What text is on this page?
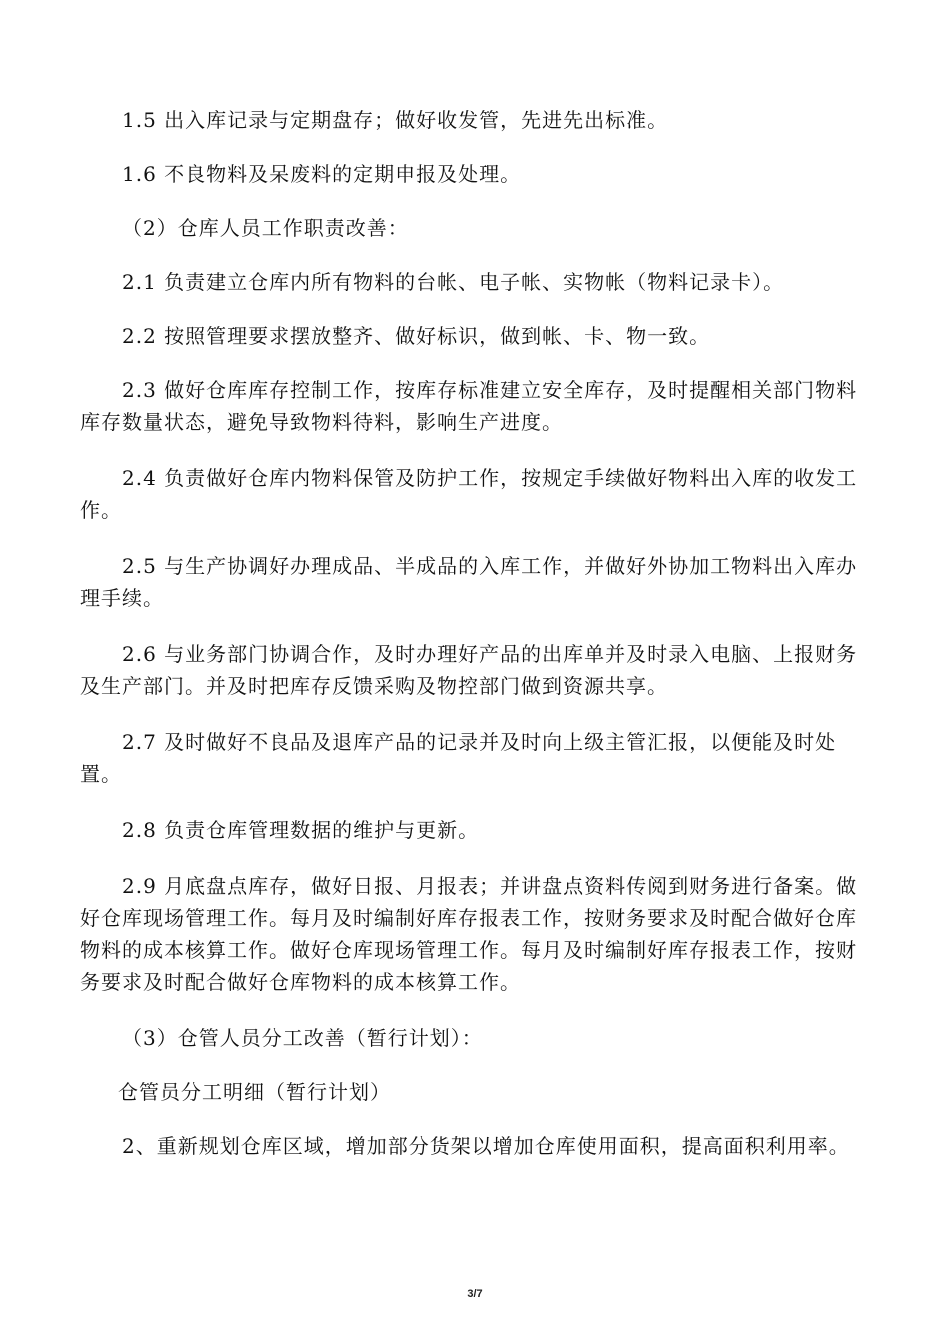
1.5 出入库记录与定期盘存；做好收发管，先进先出标准。

1.6 不良物料及呆废料的定期申报及处理。

（2）仓库人员工作职责改善：

2.1 负责建立仓库内所有物料的台帐、电子帐、实物帐（物料记录卡）。

2.2 按照管理要求摆放整齐、做好标识，做到帐、卡、物一致。

2.3 做好仓库库存控制工作，按库存标准建立安全库存，及时提醒相关部门物料库存数量状态，避免导致物料待料，影响生产进度。

2.4 负责做好仓库内物料保管及防护工作，按规定手续做好物料出入库的收发工作。

2.5 与生产协调好办理成品、半成品的入库工作，并做好外协加工物料出入库办理手续。

2.6 与业务部门协调合作，及时办理好产品的出库单并及时录入电脑、上报财务及生产部门。并及时把库存反馈采购及物控部门做到资源共享。

2.7 及时做好不良品及退库产品的记录并及时向上级主管汇报，以便能及时处置。

2.8 负责仓库管理数据的维护与更新。

2.9 月底盘点库存，做好日报、月报表；并讲盘点资料传阅到财务进行备案。做好仓库现场管理工作。每月及时编制好库存报表工作，按财务要求及时配合做好仓库物料的成本核算工作。做好仓库现场管理工作。每月及时编制好库存报表工作，按财务要求及时配合做好仓库物料的成本核算工作。

（3）仓管人员分工改善（暂行计划）：

仓管员分工明细（暂行计划）

2、重新规划仓库区域，增加部分货架以增加仓库使用面积，提高面积利用率。

3/7
